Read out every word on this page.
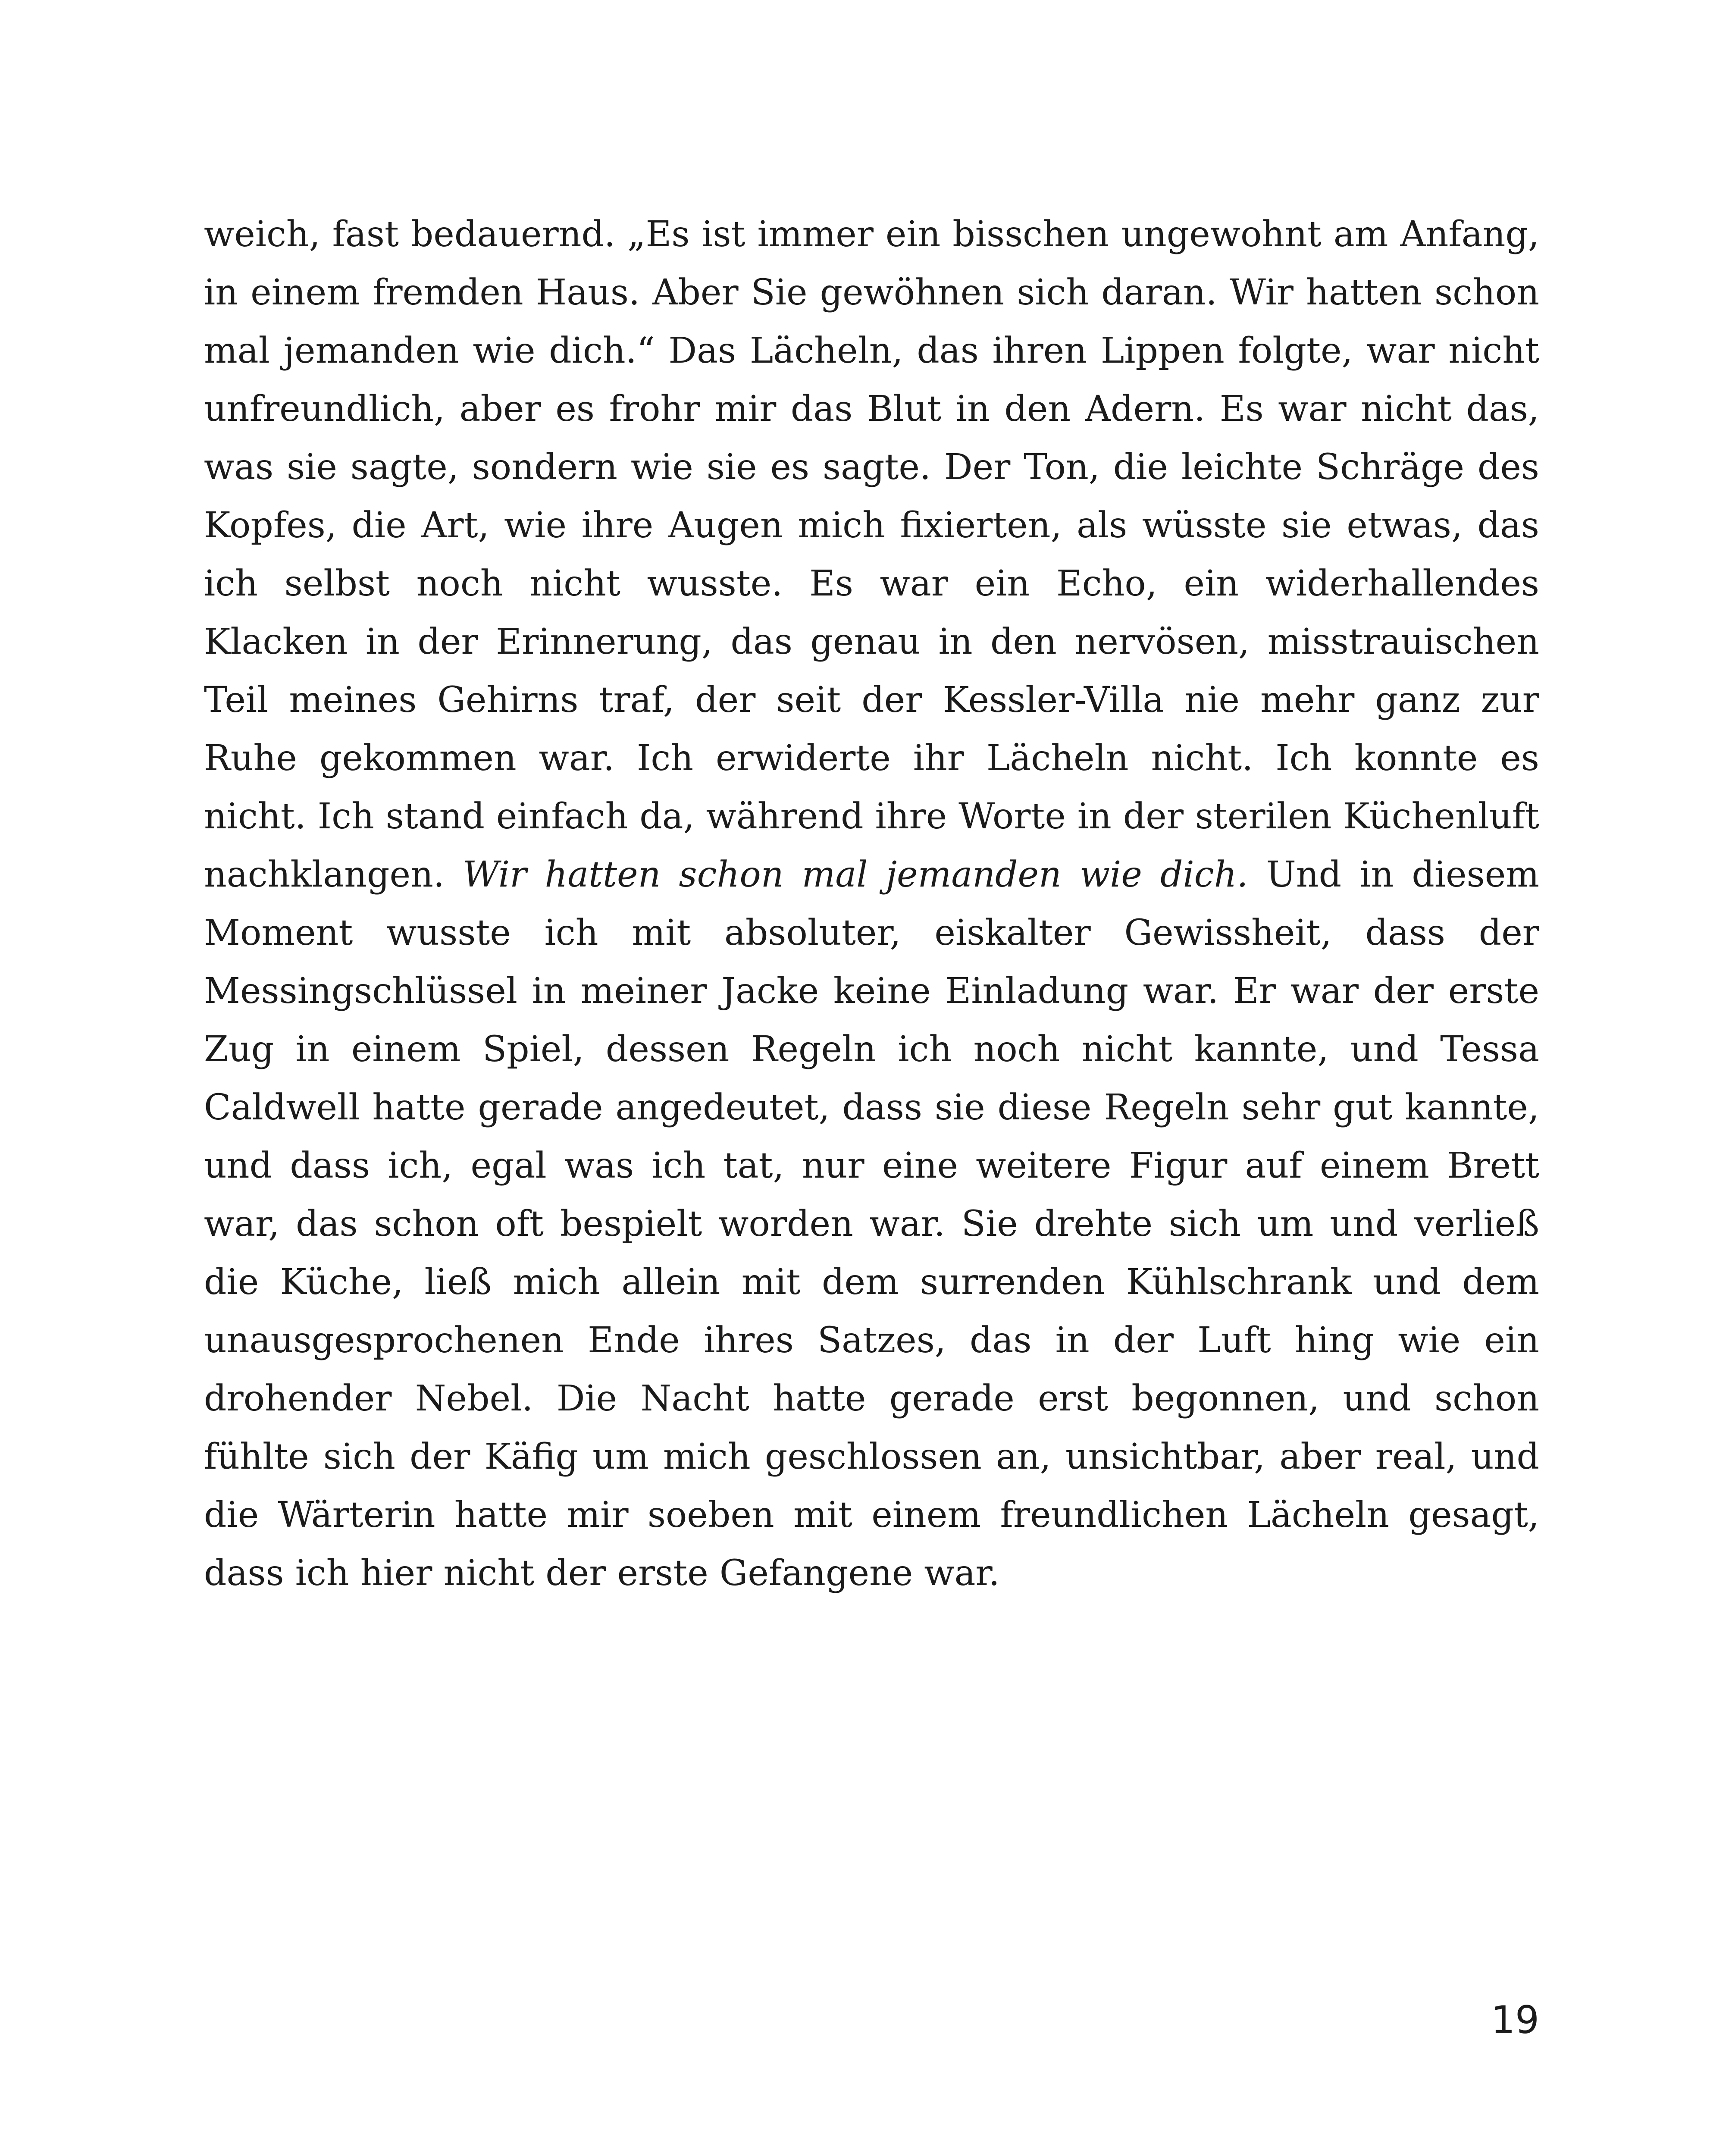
weich, fast bedauernd. „Es ist immer ein bisschen ungewohnt am Anfang, in einem fremden Haus. Aber Sie gewöhnen sich daran. Wir hatten schon mal jemanden wie dich.“ Das Lächeln, das ihren Lippen folgte, war nicht unfreundlich, aber es frohr mir das Blut in den Adern. Es war nicht das, was sie sagte, sondern wie sie es sagte. Der Ton, die leichte Schräge des Kopfes, die Art, wie ihre Augen mich fixierten, als wüsste sie etwas, das ich selbst noch nicht wusste. Es war ein Echo, ein widerhallendes Klacken in der Erinnerung, das genau in den nervösen, misstrauischen Teil meines Gehirns traf, der seit der Kessler-Villa nie mehr ganz zur Ruhe gekommen war. Ich erwiderte ihr Lächeln nicht. Ich konnte es nicht. Ich stand einfach da, während ihre Worte in der sterilen Küchenluft nachklangen. Wir hatten schon mal jemanden wie dich. Und in diesem Moment wusste ich mit absoluter, eiskalter Gewissheit, dass der Messingschlüssel in meiner Jacke keine Einladung war. Er war der erste Zug in einem Spiel, dessen Regeln ich noch nicht kannte, und Tessa Caldwell hatte gerade angedeutet, dass sie diese Regeln sehr gut kannte, und dass ich, egal was ich tat, nur eine weitere Figur auf einem Brett war, das schon oft bespielt worden war. Sie drehte sich um und verließ die Küche, ließ mich allein mit dem surrenden Kühlschrank und dem unausgesprochenen Ende ihres Satzes, das in der Luft hing wie ein drohender Nebel. Die Nacht hatte gerade erst begonnen, und schon fühlte sich der Käfig um mich geschlossen an, unsichtbar, aber real, und die Wärterin hatte mir soeben mit einem freundlichen Lächeln gesagt, dass ich hier nicht der erste Gefangene war.

19
